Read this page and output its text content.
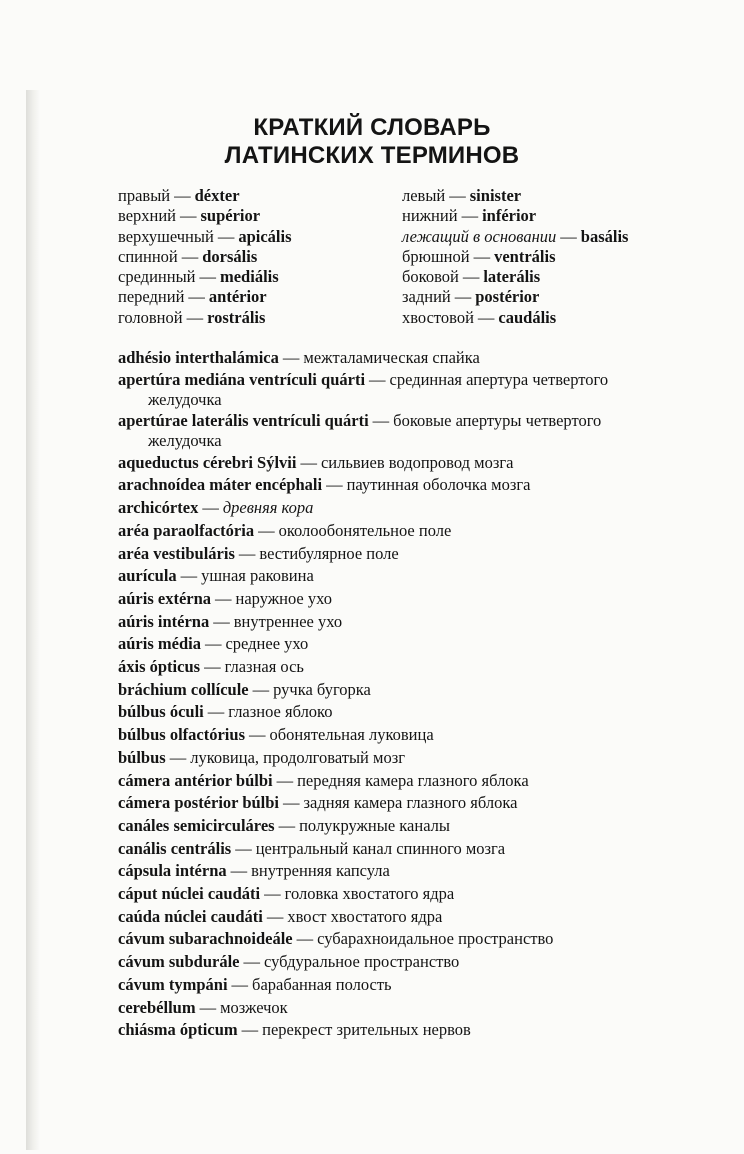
КРАТКИЙ СЛОВАРЬ
ЛАТИНСКИХ ТЕРМИНОВ
правый — déxter	левый — sinister
верхний — supérior	нижний — inférior
верхушечный — apicális	лежащий в основании — basális
спинной — dorsális	брюшной — ventrális
срединный — mediális	боковой — laterális
передний — antérior	задний — postérior
головной — rostrális	хвостовой — caudális
adhésio interthalámica — межталамическая спайка
apertúra mediána ventrículi quárti — срединная апертура четвертого
желудочка
apertúrae laterális ventrículi quárti — боковые апертуры четвертого
желудочка
aqueductus cérebri Sýlvii — сильвиев водопровод мозга
arachnoídea máter encéphali — паутинная оболочка мозга
archicórtex — древняя кора
aréa paraolfactória — околообонятельное поле
aréa vestibuláris — вестибулярное поле
aurícula — ушная раковина
aúris extérna — наружное ухо
aúris intérna — внутреннее ухо
aúris média — среднее ухо
áxis ópticus — глазная ось
bráchium collícule — ручка бугорка
búlbus óculi — глазное яблоко
búlbus olfactórius — обонятельная луковица
búlbus — луковица, продолговатый мозг
cámera antérior búlbi — передняя камера глазного яблока
cámera postérior búlbi — задняя камера глазного яблока
canáles semicirculáres — полукружные каналы
canális centrális — центральный канал спинного мозга
cápsula intérna — внутренняя капсула
cáput núclei caudáti — головка хвостатого ядра
caúda núclei caudáti — хвост хвостатого ядра
cávum subarachnoideále — субарахноидальное пространство
cávum subdurále — субдуральное пространство
cávum tympáni — барабанная полость
cerebéllum — мозжечок
chiásma ópticum — перекрест зрительных нервов
